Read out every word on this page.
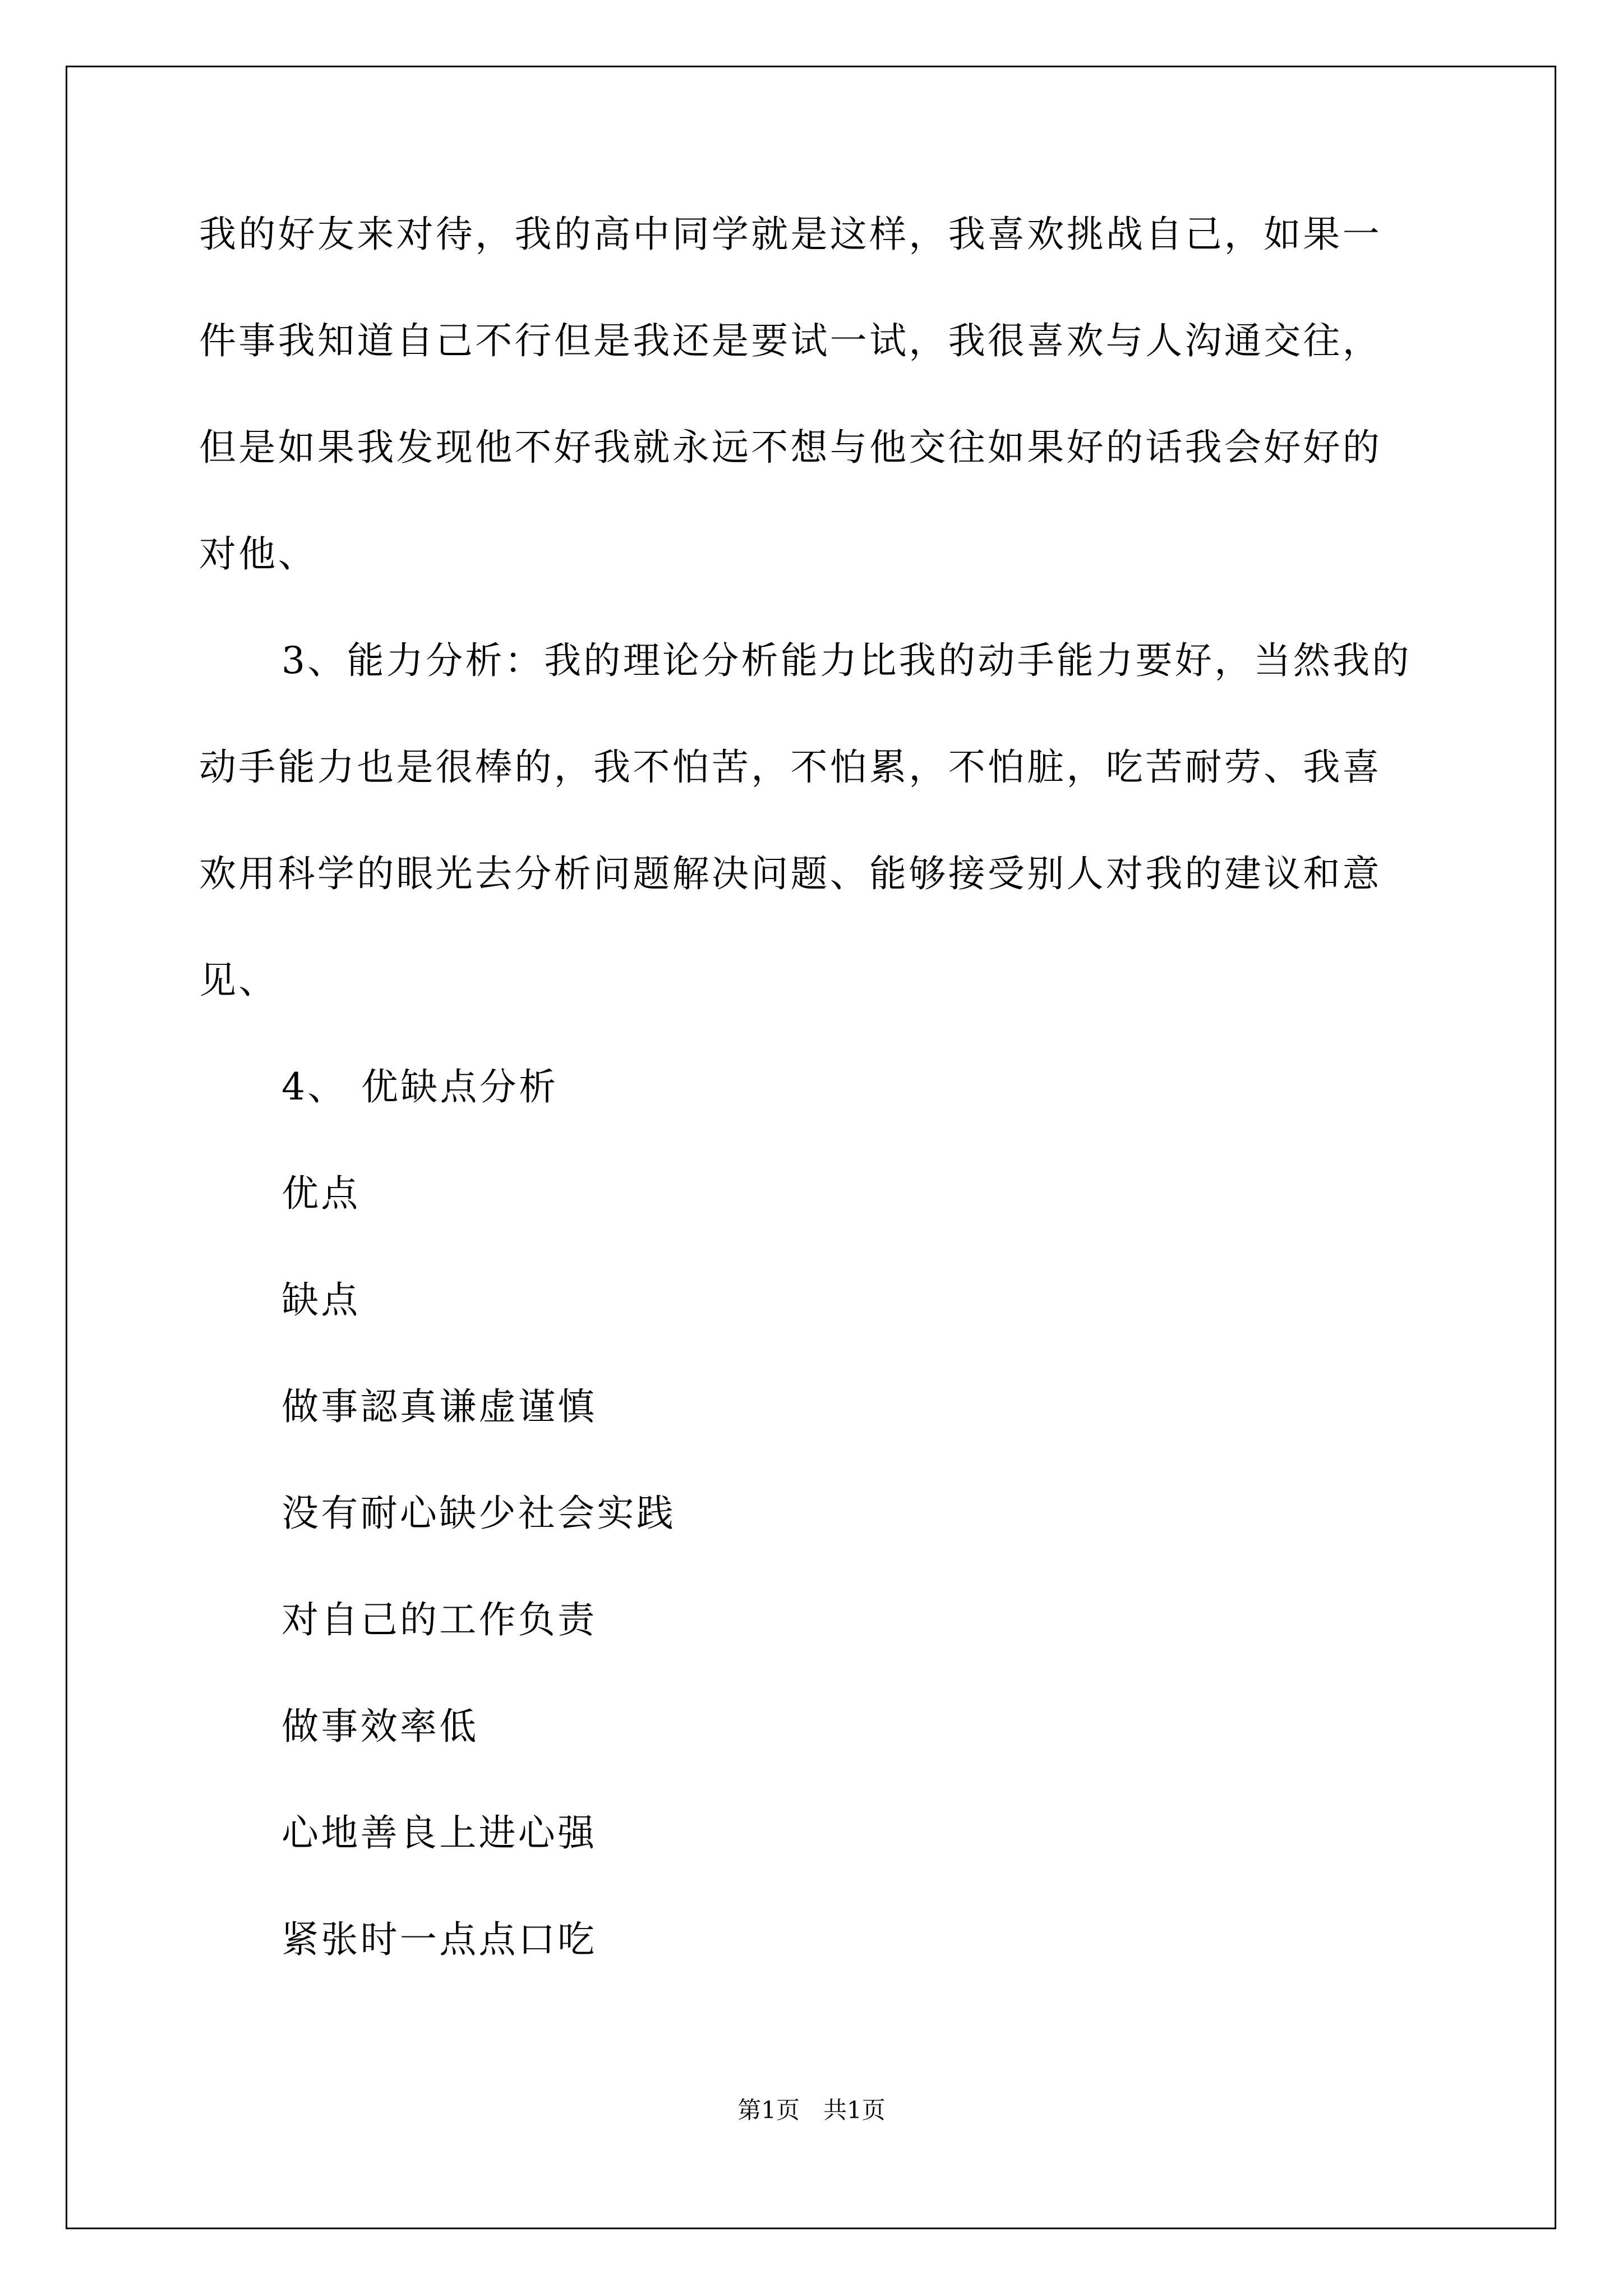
我的好友来对待，我的高中同学就是这样，我喜欢挑战自己，如果一
件事我知道自己不行但是我还是要试一试，我很喜欢与人沟通交往，
但是如果我发现他不好我就永远不想与他交往如果好的话我会好好的
对他、
3、能力分析：我的理论分析能力比我的动手能力要好，当然我的
动手能力也是很棒的，我不怕苦，不怕累，不怕脏，吃苦耐劳、我喜
欢用科学的眼光去分析问题解决问题、能够接受别人对我的建议和意
见、
4、 优缺点分析
优点
缺点
做事認真谦虚谨慎
没有耐心缺少社会实践
对自己的工作负责
做事效率低
心地善良上进心强
紧张时一点点口吃
第1页　共1页
